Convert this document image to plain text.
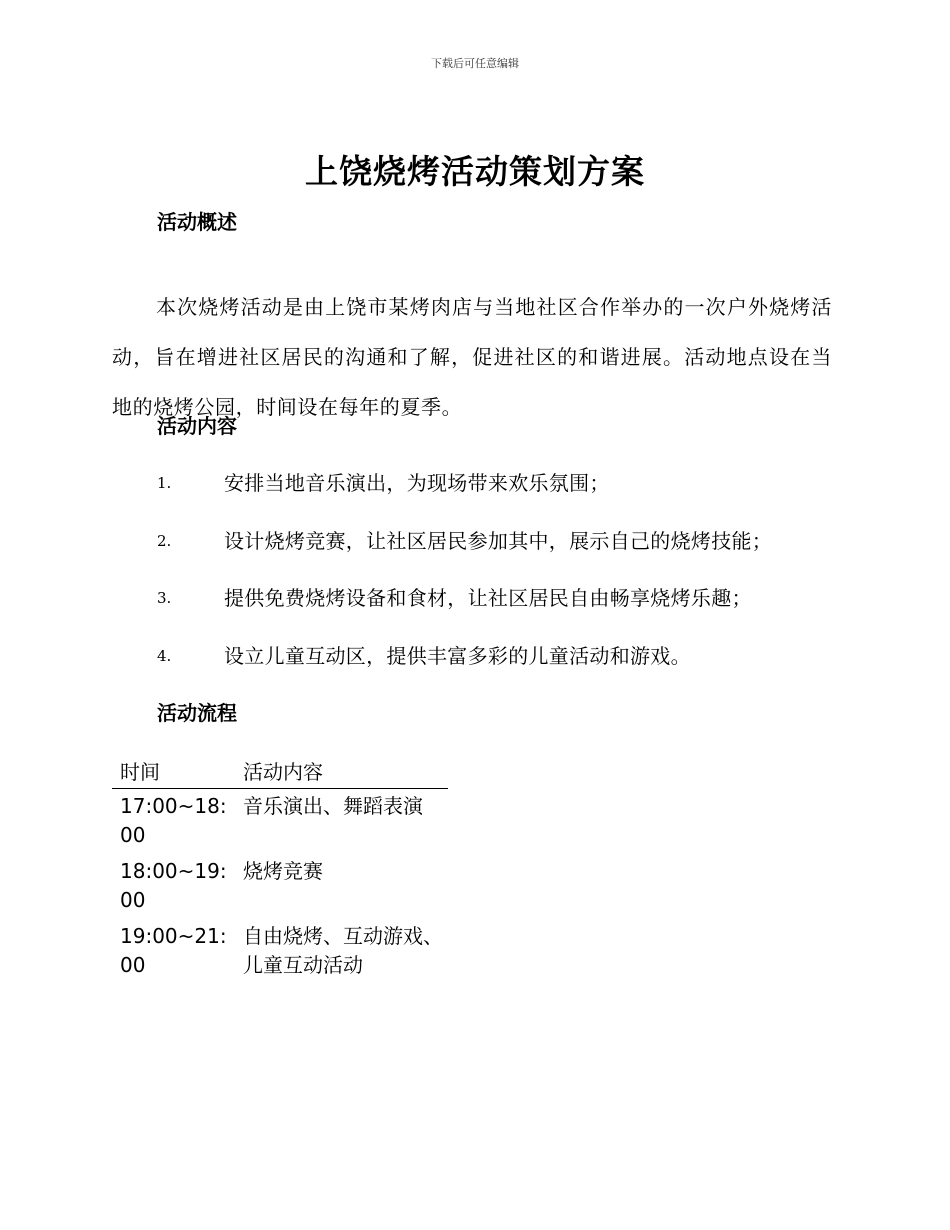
下载后可任意编辑
上饶烧烤活动策划方案
活动概述

本次烧烤活动是由上饶市某烤肉店与当地社区合作举办的一次户外烧烤活动，旨在增进社区居民的沟通和了解，促进社区的和谐进展。活动地点设在当地的烧烤公园，时间设在每年的夏季。

活动内容
1.	安排当地音乐演出，为现场带来欢乐氛围；
2.	设计烧烤竞赛，让社区居民参加其中，展示自己的烧烤技能；
3.	提供免费烧烤设备和食材，让社区居民自由畅享烧烤乐趣；
4.	设立儿童互动区，提供丰富多彩的儿童活动和游戏。
活动流程
时间	活动内容
17:00~18:00	音乐演出、舞蹈表演
18:00~19:00	烧烤竞赛
19:00~21:00	自由烧烤、互动游戏、儿童互动活动
